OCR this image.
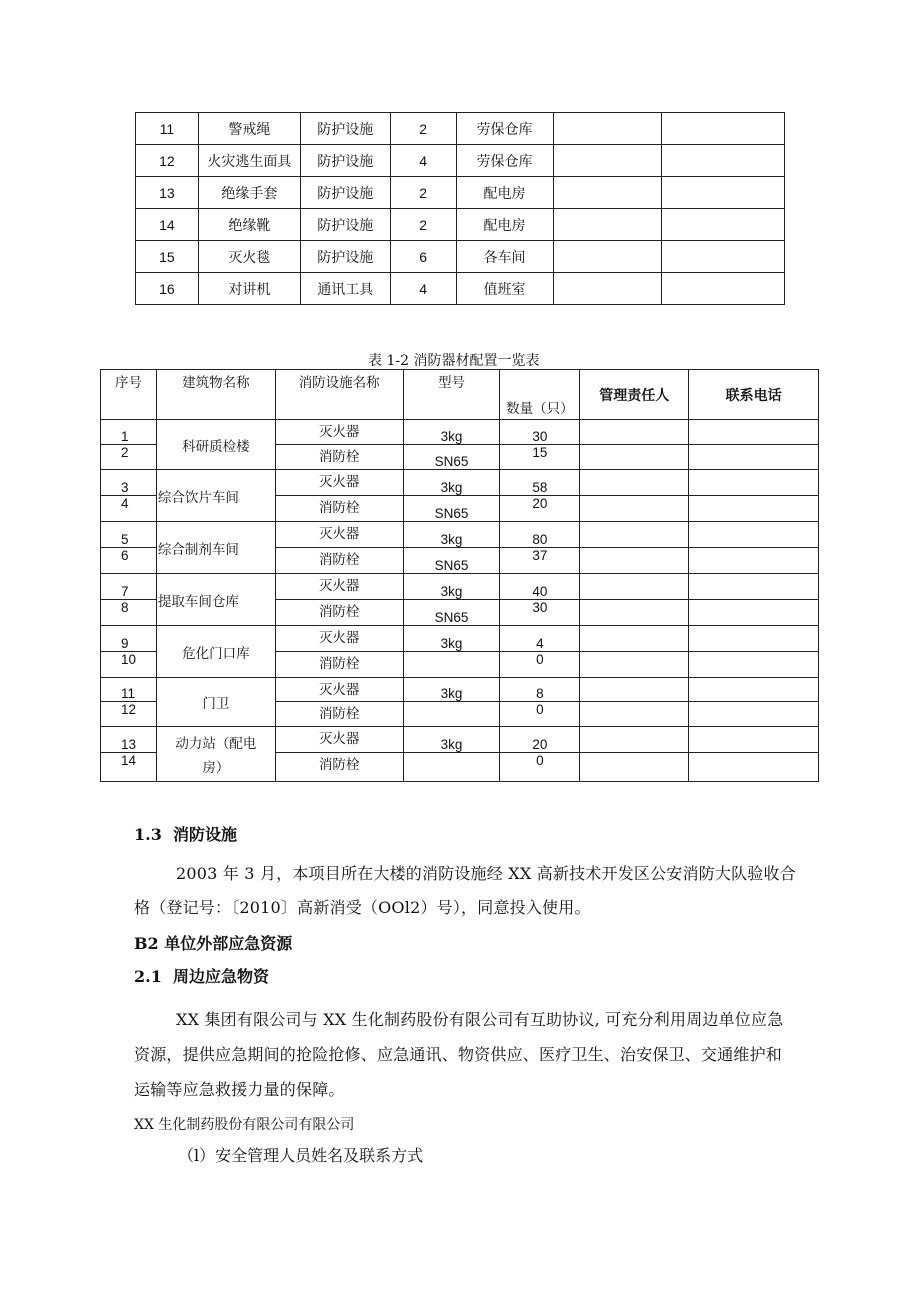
11	警戒绳	防护设施	2	劳保仓库		
12	火灾逃生面具	防护设施	4	劳保仓库		
13	绝缘手套	防护设施	2	配电房		
14	绝缘靴	防护设施	2	配电房		
15	灭火毯	防护设施	6	各车间		
16	对讲机	通讯工具	4	值班室		
表 1-2 消防器材配置一览表
序号	建筑物名称	消防设施名称	型号	数量（只）	管理责任人	联系电话
1	科研质检楼	灭火器	3kg	30		
2		消防栓	SN65	15		
3	综合饮片车间	灭火器	3kg	58		
4		消防栓	SN65	20		
5	综合制剂车间	灭火器	3kg	80		
6		消防栓	SN65	37		
7	提取车间仓库	灭火器	3kg	40		
8		消防栓	SN65	30		
9	危化门口库	灭火器	3kg	4		
10		消防栓		0		
11	门卫	灭火器	3kg	8		
12		消防栓		0		
13	动力站（配电
房）	灭火器	3kg	20		
14		消防栓		0		
1.3  消防设施

2003 年 3 月，本项目所在大楼的消防设施经 XX 高新技术开发区公安消防大队验收合

格（登记号：〔2010〕高新消受（OOl2）号），同意投入使用。

B2 单位外部应急资源
2.1  周边应急物资

XX 集团有限公司与 XX 生化制药股份有限公司有互助协议, 可充分利用周边单位应急

资源，提供应急期间的抢险抢修、应急通讯、物资供应、医疗卫生、治安保卫、交通维护和

运输等应急救援力量的保障。

XX 生化制药股份有限公司有限公司
（l）安全管理人员姓名及联系方式
